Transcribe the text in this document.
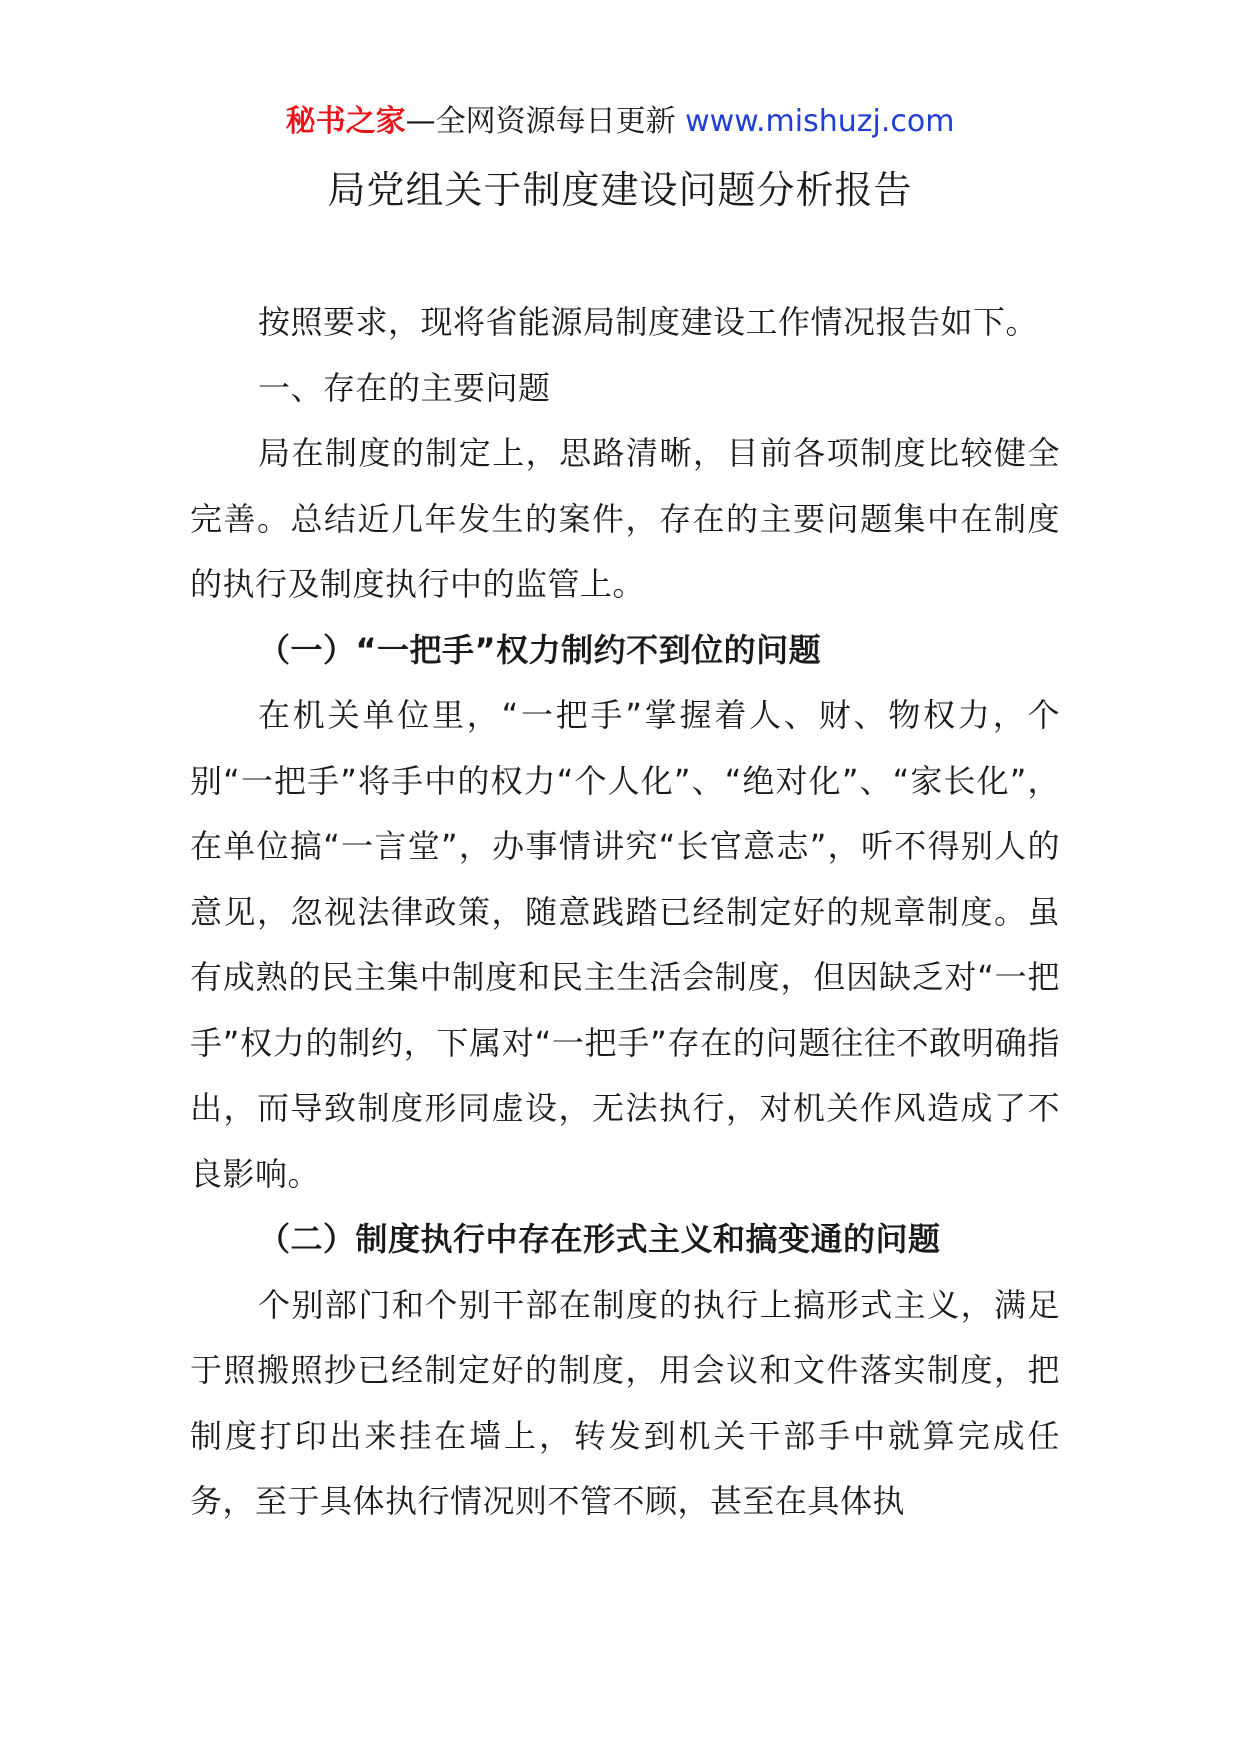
秘书之家—全网资源每日更新 www.mishuzj.com
局党组关于制度建设问题分析报告

按照要求，现将省能源局制度建设工作情况报告如下。

一、存在的主要问题

局在制度的制定上，思路清晰，目前各项制度比较健全完善。总结近几年发生的案件，存在的主要问题集中在制度的执行及制度执行中的监管上。

（一）“一把手”权力制约不到位的问题

在机关单位里，“一把手”掌握着人、财、物权力，个别“一把手”将手中的权力“个人化”、“绝对化”、“家长化”，在单位搞“一言堂”，办事情讲究“长官意志”，听不得别人的意见，忽视法律政策，随意践踏已经制定好的规章制度。虽有成熟的民主集中制度和民主生活会制度，但因缺乏对“一把手”权力的制约，下属对“一把手”存在的问题往往不敢明确指出，而导致制度形同虚设，无法执行，对机关作风造成了不良影响。

（二）制度执行中存在形式主义和搞变通的问题

个别部门和个别干部在制度的执行上搞形式主义，满足于照搬照抄已经制定好的制度，用会议和文件落实制度，把制度打印出来挂在墙上，转发到机关干部手中就算完成任务，至于具体执行情况则不管不顾，甚至在具体执
